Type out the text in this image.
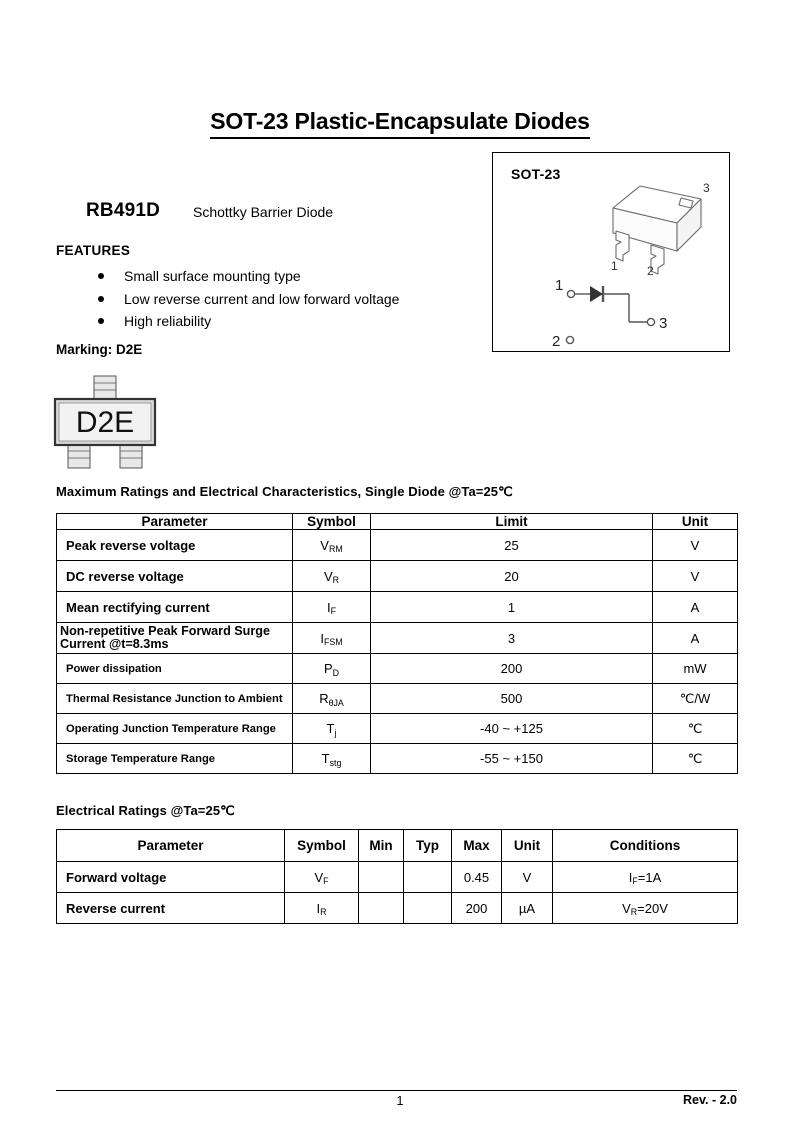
SOT-23 Plastic-Encapsulate Diodes
RB491D Schottky Barrier Diode
FEATURES
Small surface mounting type
Low reverse current and low forward voltage
High reliability
Marking: D2E
D2E
SOT-23
3
1 2
1
3
2
Maximum Ratings and Electrical Characteristics, Single Diode @Ta=25℃
Parameter	Symbol	Limit	Unit
Peak reverse voltage	$V_{RM}$	25	V
DC reverse voltage	$V_R$	20	V
Mean rectifying current	$I_F$	1	A
Non-repetitive Peak Forward Surge Current @t=8.3ms	$I_{FSM}$	3	A
Power dissipation	$P_D$	200	mW
Thermal Resistance Junction to Ambient	$R_{\theta JA}$	500	℃/W
Operating Junction Temperature Range	$T_j$	-40 ~ +125	℃
Storage Temperature Range	$T_{stg}$	-55 ~ +150	℃
Electrical Ratings @Ta=25℃
Parameter	Symbol	Min	Typ	Max	Unit	Conditions
Forward voltage	$V_F$			0.45	V	$I_F=1A$
Reverse current	$I_R$			200	µA	$V_R=20V$
1	Rev. - 2.0
